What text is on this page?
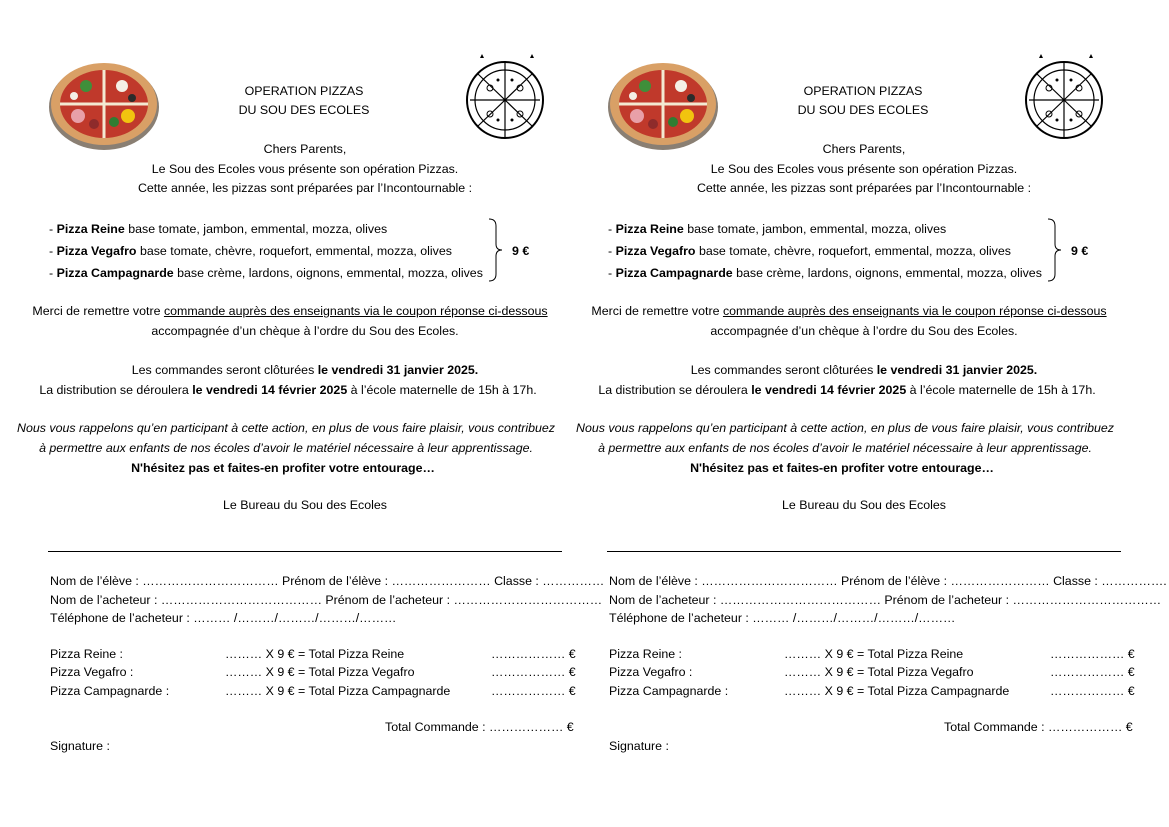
OPERATION PIZZAS
DU SOU DES ECOLES
Chers Parents,
Le Sou des Ecoles vous présente son opération Pizzas.
Cette année, les pizzas sont préparées par l’Incontournable :
- Pizza Reine base tomate, jambon, emmental, mozza, olives
- Pizza Vegafro base tomate, chèvre, roquefort, emmental, mozza, olives
- Pizza Campagnarde base crème, lardons, oignons, emmental, mozza, olives
9 €
Merci de remettre votre commande auprès des enseignants via le coupon réponse ci-dessous
accompagnée d’un chèque à l’ordre du Sou des Ecoles.
Les commandes seront clôturées le vendredi 31 janvier 2025.
La distribution se déroulera le vendredi 14 février 2025 à l’école maternelle de 15h à 17h.
Nous vous rappelons qu’en participant à cette action, en plus de vous faire plaisir, vous contribuez
à permettre aux enfants de nos écoles d’avoir le matériel nécessaire à leur apprentissage.
N'hésitez pas et faites-en profiter votre entourage…
Le Bureau du Sou des Ecoles
Nom de l’élève : …………………………… Prénom de l’élève : …………………… Classe : ……………
Nom de l’acheteur : ………………………………… Prénom de l’acheteur : ………………………………
Téléphone de l’acheteur : ……… /………/………/………/………
Pizza Reine :	……… X 9 € = Total Pizza Reine	……………… €
Pizza Vegafro :	……… X 9 € = Total Pizza Vegafro	……………… €
Pizza Campagnarde :	……… X 9 € = Total Pizza Campagnarde	……………… €
Total Commande : ……………… €
Signature :
OPERATION PIZZAS
DU SOU DES ECOLES
Chers Parents,
Le Sou des Ecoles vous présente son opération Pizzas.
Cette année, les pizzas sont préparées par l’Incontournable :
- Pizza Reine base tomate, jambon, emmental, mozza, olives
- Pizza Vegafro base tomate, chèvre, roquefort, emmental, mozza, olives
- Pizza Campagnarde base crème, lardons, oignons, emmental, mozza, olives
9 €
Merci de remettre votre commande auprès des enseignants via le coupon réponse ci-dessous
accompagnée d’un chèque à l’ordre du Sou des Ecoles.
Les commandes seront clôturées le vendredi 31 janvier 2025.
La distribution se déroulera le vendredi 14 février 2025 à l’école maternelle de 15h à 17h.
Nous vous rappelons qu’en participant à cette action, en plus de vous faire plaisir, vous contribuez
à permettre aux enfants de nos écoles d’avoir le matériel nécessaire à leur apprentissage.
N'hésitez pas et faites-en profiter votre entourage…
Le Bureau du Sou des Ecoles
Nom de l’élève : …………………………… Prénom de l’élève : …………………… Classe : …………….
Nom de l’acheteur : ………………………………… Prénom de l’acheteur : ………………………………
Téléphone de l’acheteur : ……… /………/………/………/………
Pizza Reine :	……… X 9 € = Total Pizza Reine	……………… €
Pizza Vegafro :	……… X 9 € = Total Pizza Vegafro	……………… €
Pizza Campagnarde :	……… X 9 € = Total Pizza Campagnarde	……………… €
Total Commande : ……………… €
Signature :
